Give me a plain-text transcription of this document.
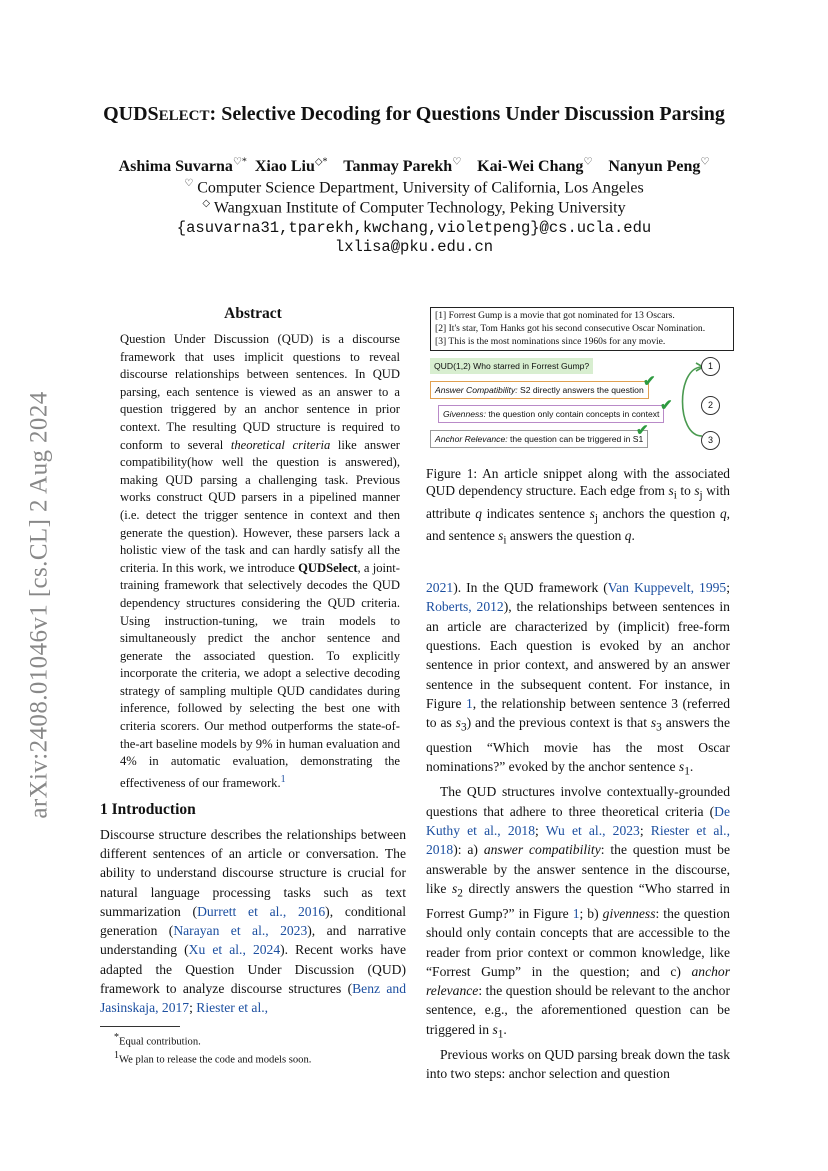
arXiv:2408.01046v1 [cs.CL] 2 Aug 2024
QUDSELECT: Selective Decoding for Questions Under Discussion Parsing
Ashima Suvarna♡* Xiao Liu◇* Tanmay Parekh♡ Kai-Wei Chang♡ Nanyun Peng♡
♡ Computer Science Department, University of California, Los Angeles
◇ Wangxuan Institute of Computer Technology, Peking University
{asuvarna31,tparekh,kwchang,violetpeng}@cs.ucla.edu
lxlisa@pku.edu.cn
Abstract

Question Under Discussion (QUD) is a discourse framework that uses implicit questions to reveal discourse relationships between sentences. In QUD parsing, each sentence is viewed as an answer to a question triggered by an anchor sentence in prior context. The resulting QUD structure is required to conform to several theoretical criteria like answer compatibility(how well the question is answered), making QUD parsing a challenging task. Previous works construct QUD parsers in a pipelined manner (i.e. detect the trigger sentence in context and then generate the question). However, these parsers lack a holistic view of the task and can hardly satisfy all the criteria. In this work, we introduce QUDSelect, a joint-training framework that selectively decodes the QUD dependency structures considering the QUD criteria. Using instruction-tuning, we train models to simultaneously predict the anchor sentence and generate the associated question. To explicitly incorporate the criteria, we adopt a selective decoding strategy of sampling multiple QUD candidates during inference, followed by selecting the best one with criteria scorers. Our method outperforms the state-of-the-art baseline models by 9% in human evaluation and 4% in automatic evaluation, demonstrating the effectiveness of our framework.$^1$

1 Introduction

Discourse structure describes the relationships between different sentences of an article or conversation. The ability to understand discourse structure is crucial for natural language processing tasks such as text summarization (Durrett et al., 2016), conditional generation (Narayan et al., 2023), and narrative understanding (Xu et al., 2024). Recent works have adapted the Question Under Discussion (QUD) framework to analyze discourse structures (Benz and Jasinskaja, 2017; Riester et al.,

*Equal contribution.

$^1$We plan to release the code and models soon.

[1] Forrest Gump is a movie that got nominated for 13 Oscars.
[2] It's star, Tom Hanks got his second consecutive Oscar Nomination.
[3] This is the most nominations since 1960s for any movie.
QUD(1,2) Who starred in Forrest Gump?
Answer Compatibility: S2 directly answers the question ✔
Givenness: the question only contain concepts in context ✔
Anchor Relevance: the question can be triggered in S1
✔
1
2
3

Figure 1: An article snippet along with the associated QUD dependency structure. Each edge from $s_i$ to $s_j$ with attribute q indicates sentence $s_j$ anchors the question q, and sentence $s_i$ answers the question q.

2021). In the QUD framework (Van Kuppevelt, 1995; Roberts, 2012), the relationships between sentences in an article are characterized by (implicit) free-form questions. Each question is evoked by an anchor sentence in prior context, and answered by an answer sentence in the subsequent content. For instance, in Figure 1, the relationship between sentence 3 (referred to as $s_3$) and the previous context is that $s_3$ answers the question “Which movie has the most Oscar nominations?” evoked by the anchor sentence $s_1$.

The QUD structures involve contextually-grounded questions that adhere to three theoretical criteria (De Kuthy et al., 2018; Wu et al., 2023; Riester et al., 2018): a) answer compatibility: the question must be answerable by the answer sentence in the discourse, like $s_2$ directly answers the question “Who starred in Forrest Gump?” in Figure 1; b) givenness: the question should only contain concepts that are accessible to the reader from prior context or common knowledge, like “Forrest Gump” in the question; and c) anchor relevance: the question should be relevant to the anchor sentence, e.g., the aforementioned question can be triggered in $s_1$.

Previous works on QUD parsing break down the task into two steps: anchor selection and question
